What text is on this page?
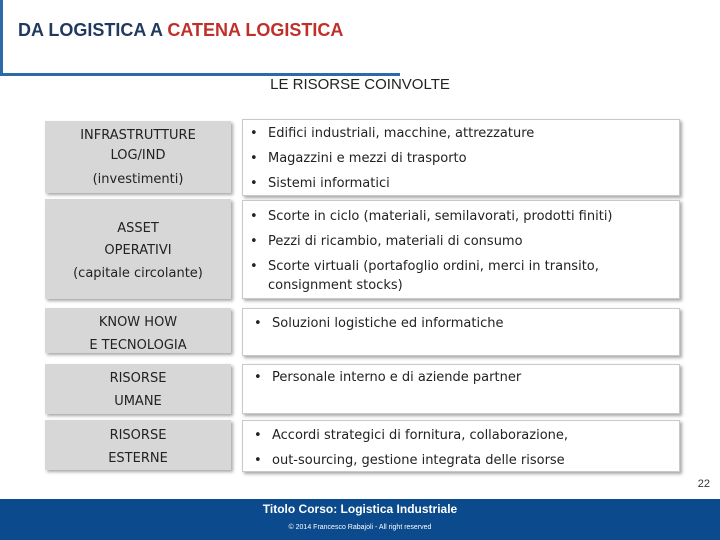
DA LOGISTICA A CATENA LOGISTICA
LE RISORSE COINVOLTE
INFRASTRUTTURE
LOG/IND
(investimenti)
• Edifici industriali, macchine, attrezzature
• Magazzini e mezzi di trasporto
• Sistemi informatici
ASSET
OPERATIVI
(capitale circolante)
• Scorte in ciclo (materiali, semilavorati, prodotti finiti)
• Pezzi di ricambio, materiali di consumo
• Scorte virtuali (portafoglio ordini, merci in transito,
consignment stocks)
KNOW HOW
E TECNOLOGIA
• Soluzioni logistiche ed informatiche
RISORSE
UMANE
• Personale interno e di aziende partner
RISORSE
ESTERNE
• Accordi strategici di fornitura, collaborazione,
• out-sourcing, gestione integrata delle risorse
22
Titolo Corso: Logistica Industriale
© 2014 Francesco Rabajoli - All right reserved
